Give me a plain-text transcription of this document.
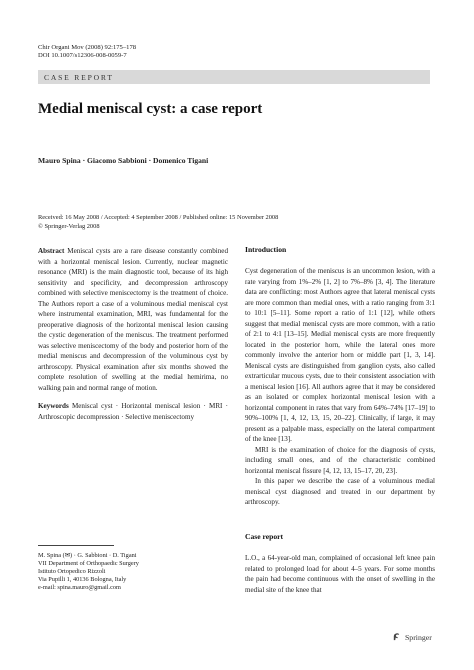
Chir Organi Mov (2008) 92:175–178
DOI 10.1007/s12306-008-0059-7
CASE REPORT
Medial meniscal cyst: a case report
Mauro Spina · Giacomo Sabbioni · Domenico Tigani
Received: 16 May 2008 / Accepted: 4 September 2008 / Published online: 15 November 2008
© Springer-Verlag 2008

Abstract Meniscal cysts are a rare disease constantly combined with a horizontal meniscal lesion. Currently, nuclear magnetic resonance (MRI) is the main diagnostic tool, because of its high sensitivity and specificity, and decompression arthroscopy combined with selective meniscectomy is the treatment of choice. The Authors report a case of a voluminous medial meniscal cyst where instrumental examination, MRI, was fundamental for the preoperative diagnosis of the horizontal meniscal lesion causing the cystic degeneration of the meniscus. The treatment performed was selective meniscectomy of the body and posterior horn of the medial meniscus and decompression of the voluminous cyst by arthroscopy. Physical examination after six months showed the complete resolution of swelling at the medial hemirima, no walking pain and normal range of motion.

Keywords Meniscal cyst · Horizontal meniscal lesion · MRI · Arthroscopic decompression · Selective meniscectomy

M. Spina (✉) · G. Sabbioni · D. Tigani
VII Department of Orthopaedic Surgery
Istituto Ortopedico Rizzoli
Via Pupilli 1, 40136 Bologna, Italy
e-mail: spina.mauro@gmail.com
Introduction

Cyst degeneration of the meniscus is an uncommon lesion, with a rate varying from 1%–2% [1, 2] to 7%–8% [3, 4]. The literature data are conflicting: most Authors agree that lateral meniscal cysts are more common than medial ones, with a ratio ranging from 3:1 to 10:1 [5–11]. Some report a ratio of 1:1 [12], while others suggest that medial meniscal cysts are more common, with a ratio of 2:1 to 4:1 [13–15]. Medial meniscal cysts are more frequently located in the posterior horn, while the lateral ones more commonly involve the anterior horn or middle part [1, 3, 14]. Meniscal cysts are distinguished from ganglion cysts, also called extrarticular mucous cysts, due to their consistent association with a meniscal lesion [16]. All authors agree that it may be considered as an isolated or complex horizontal meniscal lesion with a horizontal component in rates that vary from 64%–74% [17–19] to 90%–100% [1, 4, 12, 13, 15, 20–22]. Clinically, if large, it may present as a palpable mass, especially on the lateral compartment of the knee [13].

MRI is the examination of choice for the diagnosis of cysts, including small ones, and of the characteristic combined horizontal meniscal fissure [4, 12, 13, 15–17, 20, 23].

In this paper we describe the case of a voluminous medial meniscal cyst diagnosed and treated in our department by arthroscopy.

Case report
L.O., a 64-year-old man, complained of occasional left knee pain related to prolonged load for about 4–5 years. For some months the pain had become continuous with the onset of swelling in the medial site of the knee that
Springer
